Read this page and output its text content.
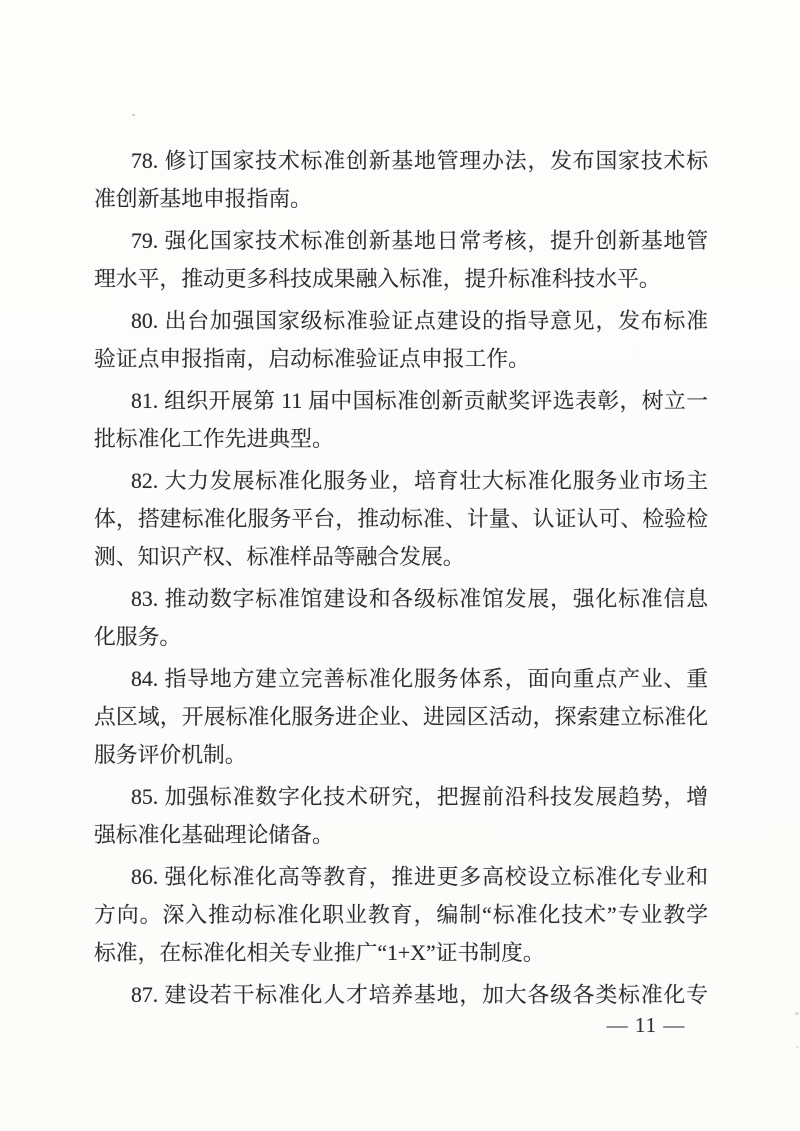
78. 修订国家技术标准创新基地管理办法，发布国家技术标
准创新基地申报指南。

79. 强化国家技术标准创新基地日常考核，提升创新基地管
理水平，推动更多科技成果融入标准，提升标准科技水平。

80. 出台加强国家级标准验证点建设的指导意见，发布标准
验证点申报指南，启动标准验证点申报工作。

81. 组织开展第 11 届中国标准创新贡献奖评选表彰，树立一
批标准化工作先进典型。

82. 大力发展标准化服务业，培育壮大标准化服务业市场主
体，搭建标准化服务平台，推动标准、计量、认证认可、检验检
测、知识产权、标准样品等融合发展。

83. 推动数字标准馆建设和各级标准馆发展，强化标准信息
化服务。

84. 指导地方建立完善标准化服务体系，面向重点产业、重
点区域，开展标准化服务进企业、进园区活动，探索建立标准化
服务评价机制。

85. 加强标准数字化技术研究，把握前沿科技发展趋势，增
强标准化基础理论储备。

86. 强化标准化高等教育，推进更多高校设立标准化专业和
方向。深入推动标准化职业教育，编制“标准化技术”专业教学
标准，在标准化相关专业推广“1+X”证书制度。

87. 建设若干标准化人才培养基地，加大各级各类标准化专

— 11 —
